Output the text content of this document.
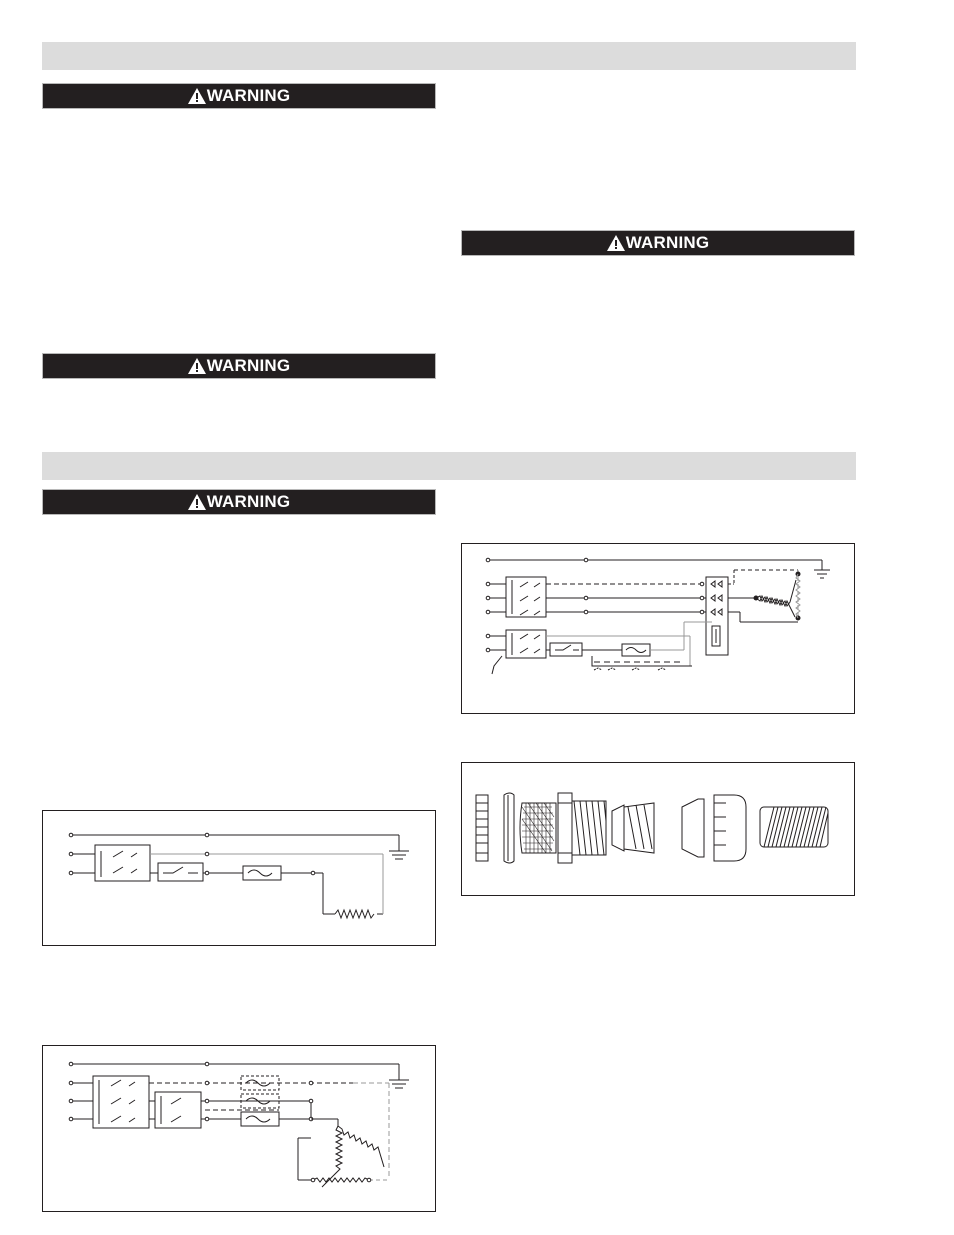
WARNING
WARNING
WARNING
WARNING
